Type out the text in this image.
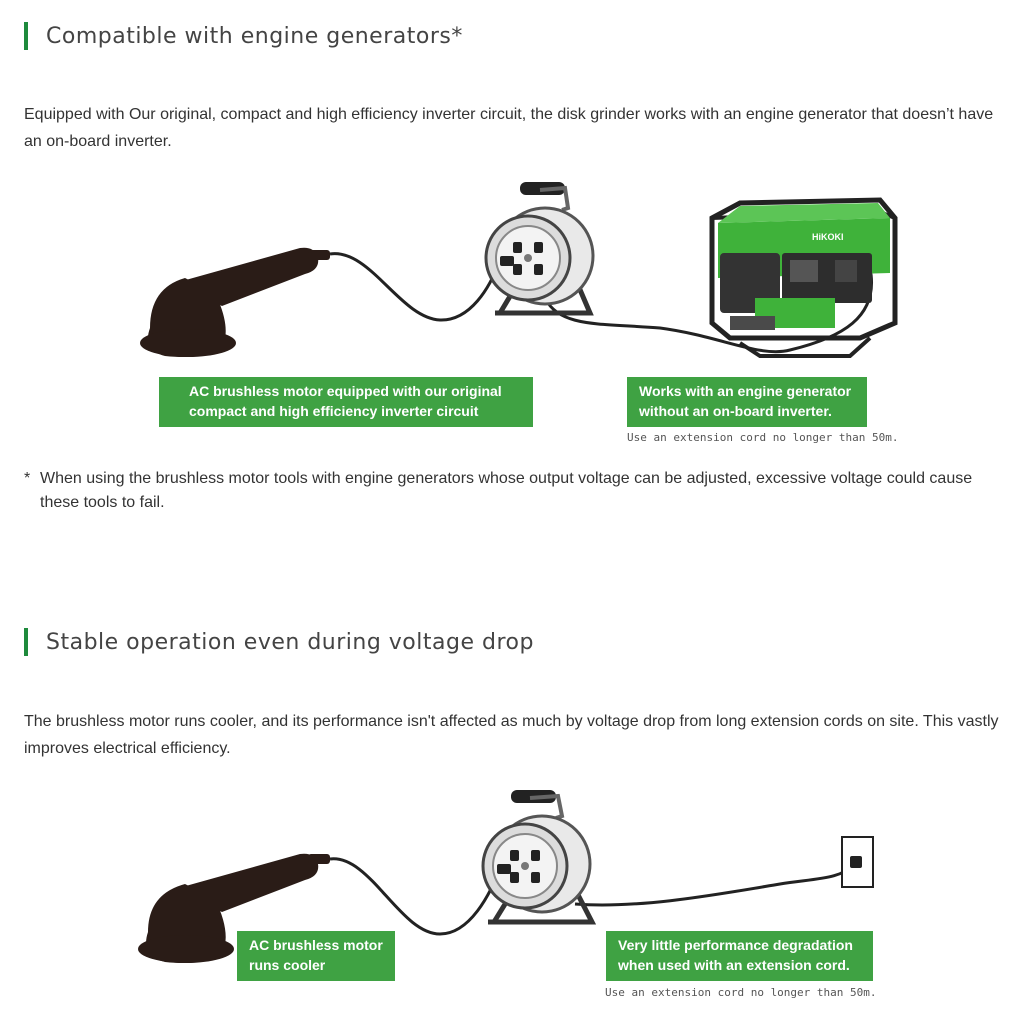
Compatible with engine generators*
Equipped with Our original, compact and high efficiency inverter circuit, the disk grinder works with an engine generator that doesn’t have an on-board inverter.
HiKOKI
AC brushless motor equipped with our original
compact and high efficiency inverter circuit
Works with an engine generator
without an on-board inverter.
Use an extension cord no longer than 50m.
* When using the brushless motor tools with engine generators whose output voltage can be adjusted, excessive voltage could cause these tools to fail.
Stable operation even during voltage drop
The brushless motor runs cooler, and its performance isn't affected as much by voltage drop from long extension cords on site. This vastly improves electrical efficiency.
AC brushless motor
runs cooler
Very little performance degradation
when used with an extension cord.
Use an extension cord no longer than 50m.
